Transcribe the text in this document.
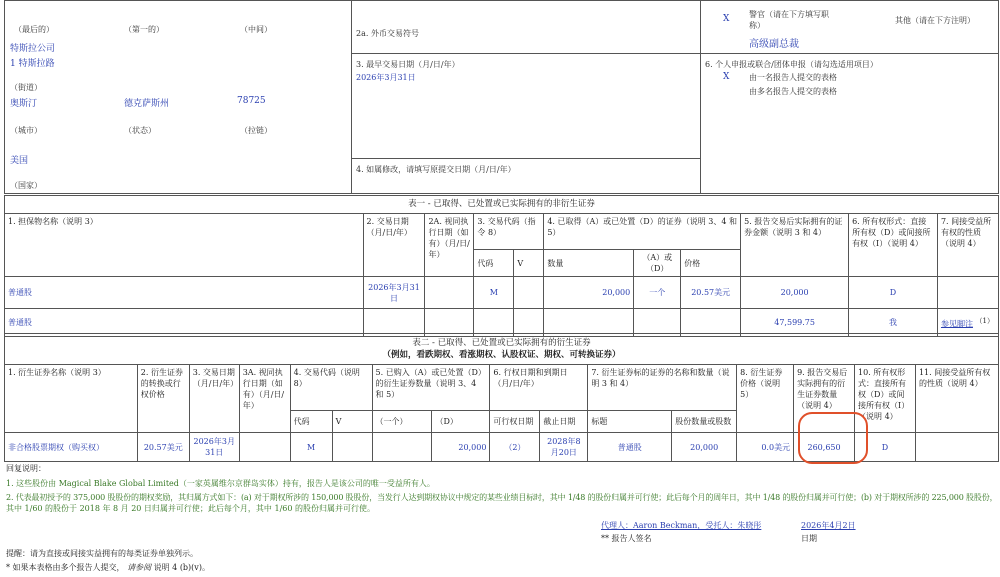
（最后的）	（第一的）	（中间）
特斯拉公司
1 特斯拉路
（街道）
奥斯汀	德克萨斯州	78725
（城市）	（状态）	（拉链）
美国
（国家）
2a. 外币交易符号
3. 最早交易日期（月/日/年）
2026年3月31日
4. 如属修改，请填写原提交日期（月/日/年）
X 警官（请在下方填写职称）
其他（请在下方注明）
高级副总裁
6. 个人申报或联合/团体申报（请勾选适用项目）
X 由一名报告人提交的表格
由多名报告人提交的表格
表一 - 已取得、已处置或已实际拥有的非衍生证券										
1. 担保物名称（说明 3）	2. 交易日期（月/日/年）	2A. 视同执行日期（如有）（月/日/年）	3. 交易代码（指令 8）		4. 已取得（A）或已处置（D）的证券（说明 3、4 和 5）			5. 报告交易后实际拥有的证券金额（说明 3 和 4）	6. 所有权形式：直接所有权（D）或间接所有权（I）（说明 4）	7. 间接受益所有权的性质（说明 4）
			代码	V	数量	（A）或（D）	价格			
普通股	2026年3月31日		M		20,000	一个	20.57美元	20,000	D	
普通股								47,599.75	我	参见脚注 （1）
表二 - 已取得、已处置或已实际拥有的衍生证券
（例如，看跌期权、看涨期权、认股权证、期权、可转换证券）															

1. 衍生证券名称（说明 3）	2. 衍生证券的转换或行权价格	3. 交易日期（月/日/年）	3A. 视同执行日期（如有）（月/日/年）	4. 交易代码（说明 8）		5. 已购入（A）或已处置（D）的衍生证券数量（说明 3、4 和 5）		6. 行权日期和到期日（月/日/年）		7. 衍生证券标的证券的名称和数量（说明 3 和 4）		8. 衍生证券价格（说明 5）	9. 报告交易后实际拥有的衍生证券数量（说明 4）	10. 所有权形式：直接所有权（D）或间接所有权（I）（说明 4）	11. 间接受益所有权的性质（说明 4）
				代码	V	（一个）	（D）	可行权日期	截止日期	标题	股份数量或股数				
非合格股票期权（购买权）	20.57美元	2026年3月31日		M			20,000	（2）	2028年8月20日	普通股	20,000	0.0美元	260,650	D	
回复说明：
1. 这些股份由 Magical Blake Global Limited（一家英属维尔京群岛实体）持有，报告人是该公司的唯一受益所有人。
2. 代表最初授予的 375,000 股股份的期权奖励，其归属方式如下：(a) 对于期权所涉的 150,000 股股份，当发行人达到期权协议中规定的某些业绩目标时，其中 1/48 的股份归属并可行使；此后每个月的周年日，其中 1/48 的股份归属并可行使；(b) 对于期权所涉的 225,000 股股份，
其中 1/60 的股份于 2018 年 8 月 20 日归属并可行使；此后每个月，其中 1/60 的股份归属并可行使。
代理人：Aaron Beckman，受托人：朱晓彤	2026年4月2日
** 报告人签名	日期
提醒：请为直接或间接实益拥有的每类证券单独列示。
* 如果本表格由多个报告人提交， 请参阅 说明 4 (b)(v)。
